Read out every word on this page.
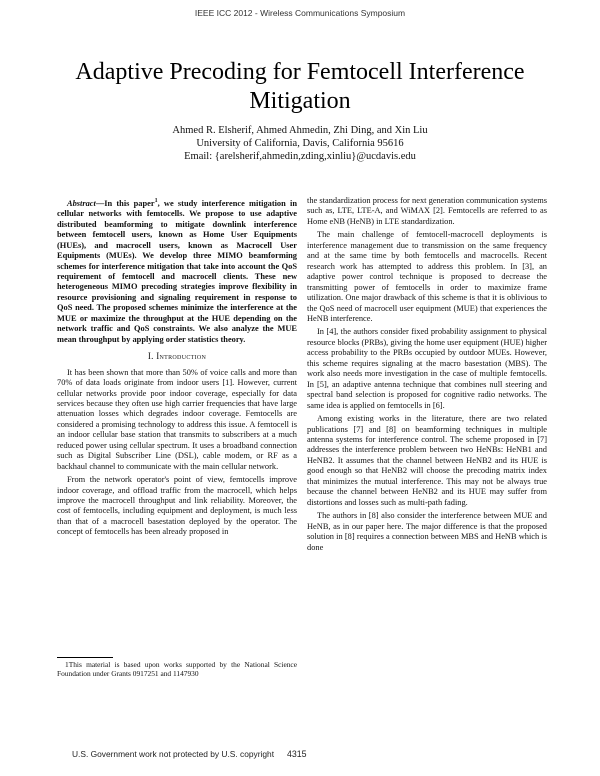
IEEE ICC 2012 - Wireless Communications Symposium
Adaptive Precoding for Femtocell Interference Mitigation
Ahmed R. Elsherif, Ahmed Ahmedin, Zhi Ding, and Xin Liu
University of California, Davis, California 95616
Email: {arelsherif,ahmedin,zding,xinliu}@ucdavis.edu

Abstract—In this paper$^1$, we study interference mitigation in cellular networks with femtocells. We propose to use adaptive distributed beamforming to mitigate downlink interference between femtocell users, known as Home User Equipments (HUEs), and macrocell users, known as Macrocell User Equipments (MUEs). We develop three MIMO beamforming schemes for interference mitigation that take into account the QoS requirement of femtocell and macrocell clients. These new heterogeneous MIMO precoding strategies improve flexibility in resource provisioning and signaling requirement in response to QoS need. The proposed schemes minimize the interference at the MUE or maximize the throughput at the HUE depending on the network traffic and QoS constraints. We also analyze the MUE mean throughput by applying order statistics theory.

I. Introduction

It has been shown that more than 50% of voice calls and more than 70% of data loads originate from indoor users [1]. However, current cellular networks provide poor indoor coverage, especially for data services because they often use high carrier frequencies that have large attenuation losses which degrades indoor coverage. Femtocells are considered a promising technology to address this issue. A femtocell is an indoor cellular base station that transmits to subscribers at a much reduced power using cellular spectrum. It uses a broadband connection such as Digital Subscriber Line (DSL), cable modem, or RF as a backhaul channel to communicate with the main cellular network.

From the network operator's point of view, femtocells improve indoor coverage, and offload traffic from the macrocell, which helps improve the macrocell throughput and link reliability. Moreover, the cost of femtocells, including equipment and deployment, is much less than that of a macrocell basestation deployed by the operator. The concept of femtocells has been already proposed in

1This material is based upon works supported by the National Science Foundation under Grants 0917251 and 1147930

the standardization process for next generation communication systems such as, LTE, LTE-A, and WiMAX [2]. Femtocells are referred to as Home eNB (HeNB) in LTE standardization.

The main challenge of femtocell-macrocell deployments is interference management due to transmission on the same frequency and at the same time by both femtocells and macrocells. Recent research work has attempted to address this problem. In [3], an adaptive power control technique is proposed to decrease the transmitting power of femtocells in order to maximize frame utilization. One major drawback of this scheme is that it is oblivious to the QoS need of macrocell user equipment (MUE) that experiences the HeNB interference.

In [4], the authors consider fixed probability assignment to physical resource blocks (PRBs), giving the home user equipment (HUE) higher access probability to the PRBs occupied by outdoor MUEs. However, this scheme requires signaling at the macro basestation (MBS). The work also needs more investigation in the case of multiple femtocells. In [5], an adaptive antenna technique that combines null steering and spectral band selection is proposed for cognitive radio networks. The same idea is applied on femtocells in [6].

Among existing works in the literature, there are two related publications [7] and [8] on beamforming techniques in multiple antenna systems for interference control. The scheme proposed in [7] addresses the interference problem between two HeNBs: HeNB1 and HeNB2. It assumes that the channel between HeNB2 and its HUE is good enough so that HeNB2 will choose the precoding matrix index that minimizes the mutual interference. This may not be always true because the channel between HeNB2 and its HUE may suffer from distortions and losses such as multi-path fading.

The authors in [8] also consider the interference between MUE and HeNB, as in our paper here. The major difference is that the proposed solution in [8] requires a connection between MBS and HeNB which is done

U.S. Government work not protected by U.S. copyright 4315
